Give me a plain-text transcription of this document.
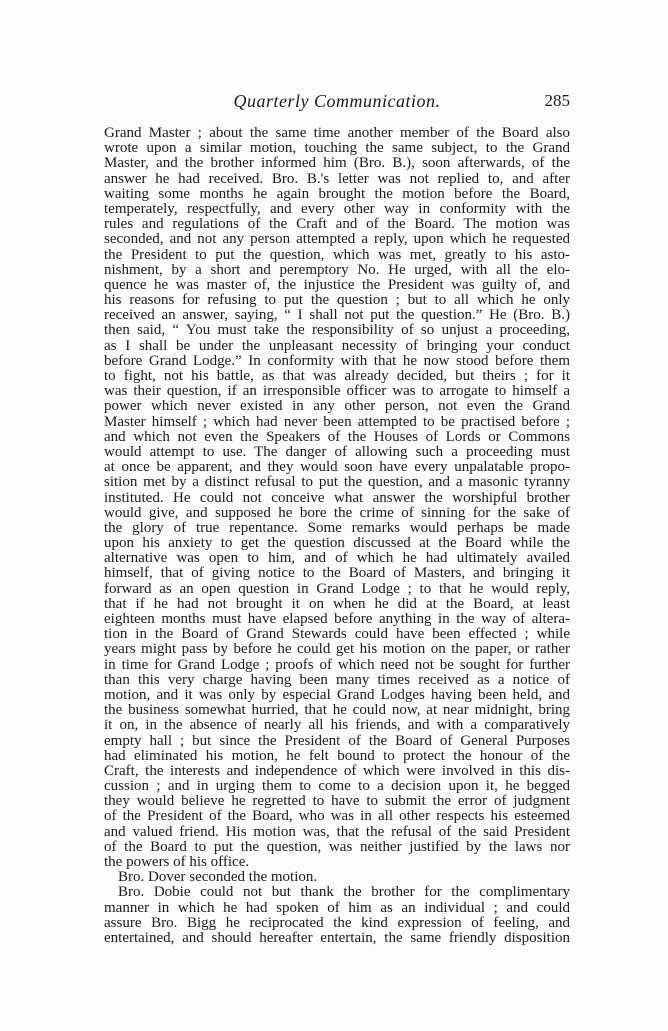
Quarterly Communication.	285
Grand Master ; about the same time another member of the Board also
wrote upon a similar motion, touching the same subject, to the Grand
Master, and the brother informed him (Bro. B.), soon afterwards, of the
answer he had received. Bro. B.'s letter was not replied to, and after
waiting some months he again brought the motion before the Board,
temperately, respectfully, and every other way in conformity with the
rules and regulations of the Craft and of the Board. The motion was
seconded, and not any person attempted a reply, upon which he requested
the President to put the question, which was met, greatly to his asto-
nishment, by a short and peremptory No. He urged, with all the elo-
quence he was master of, the injustice the President was guilty of, and
his reasons for refusing to put the question ; but to all which he only
received an answer, saying, “ I shall not put the question.” He (Bro. B.)
then said, “ You must take the responsibility of so unjust a proceeding,
as I shall be under the unpleasant necessity of bringing your conduct
before Grand Lodge.” In conformity with that he now stood before them
to fight, not his battle, as that was already decided, but theirs ; for it
was their question, if an irresponsible officer was to arrogate to himself a
power which never existed in any other person, not even the Grand
Master himself ; which had never been attempted to be practised before ;
and which not even the Speakers of the Houses of Lords or Commons
would attempt to use. The danger of allowing such a proceeding must
at once be apparent, and they would soon have every unpalatable propo-
sition met by a distinct refusal to put the question, and a masonic tyranny
instituted. He could not conceive what answer the worshipful brother
would give, and supposed he bore the crime of sinning for the sake of
the glory of true repentance. Some remarks would perhaps be made
upon his anxiety to get the question discussed at the Board while the
alternative was open to him, and of which he had ultimately availed
himself, that of giving notice to the Board of Masters, and bringing it
forward as an open question in Grand Lodge ; to that he would reply,
that if he had not brought it on when he did at the Board, at least
eighteen months must have elapsed before anything in the way of altera-
tion in the Board of Grand Stewards could have been effected ; while
years might pass by before he could get his motion on the paper, or rather
in time for Grand Lodge ; proofs of which need not be sought for further
than this very charge having been many times received as a notice of
motion, and it was only by especial Grand Lodges having been held, and
the business somewhat hurried, that he could now, at near midnight, bring
it on, in the absence of nearly all his friends, and with a comparatively
empty hall ; but since the President of the Board of General Purposes
had eliminated his motion, he felt bound to protect the honour of the
Craft, the interests and independence of which were involved in this dis-
cussion ; and in urging them to come to a decision upon it, he begged
they would believe he regretted to have to submit the error of judgment
of the President of the Board, who was in all other respects his esteemed
and valued friend. His motion was, that the refusal of the said President
of the Board to put the question, was neither justified by the laws nor
the powers of his office.
Bro. Dover seconded the motion.
Bro. Dobie could not but thank the brother for the complimentary
manner in which he had spoken of him as an individual ; and could
assure Bro. Bigg he reciprocated the kind expression of feeling, and
entertained, and should hereafter entertain, the same friendly disposition
